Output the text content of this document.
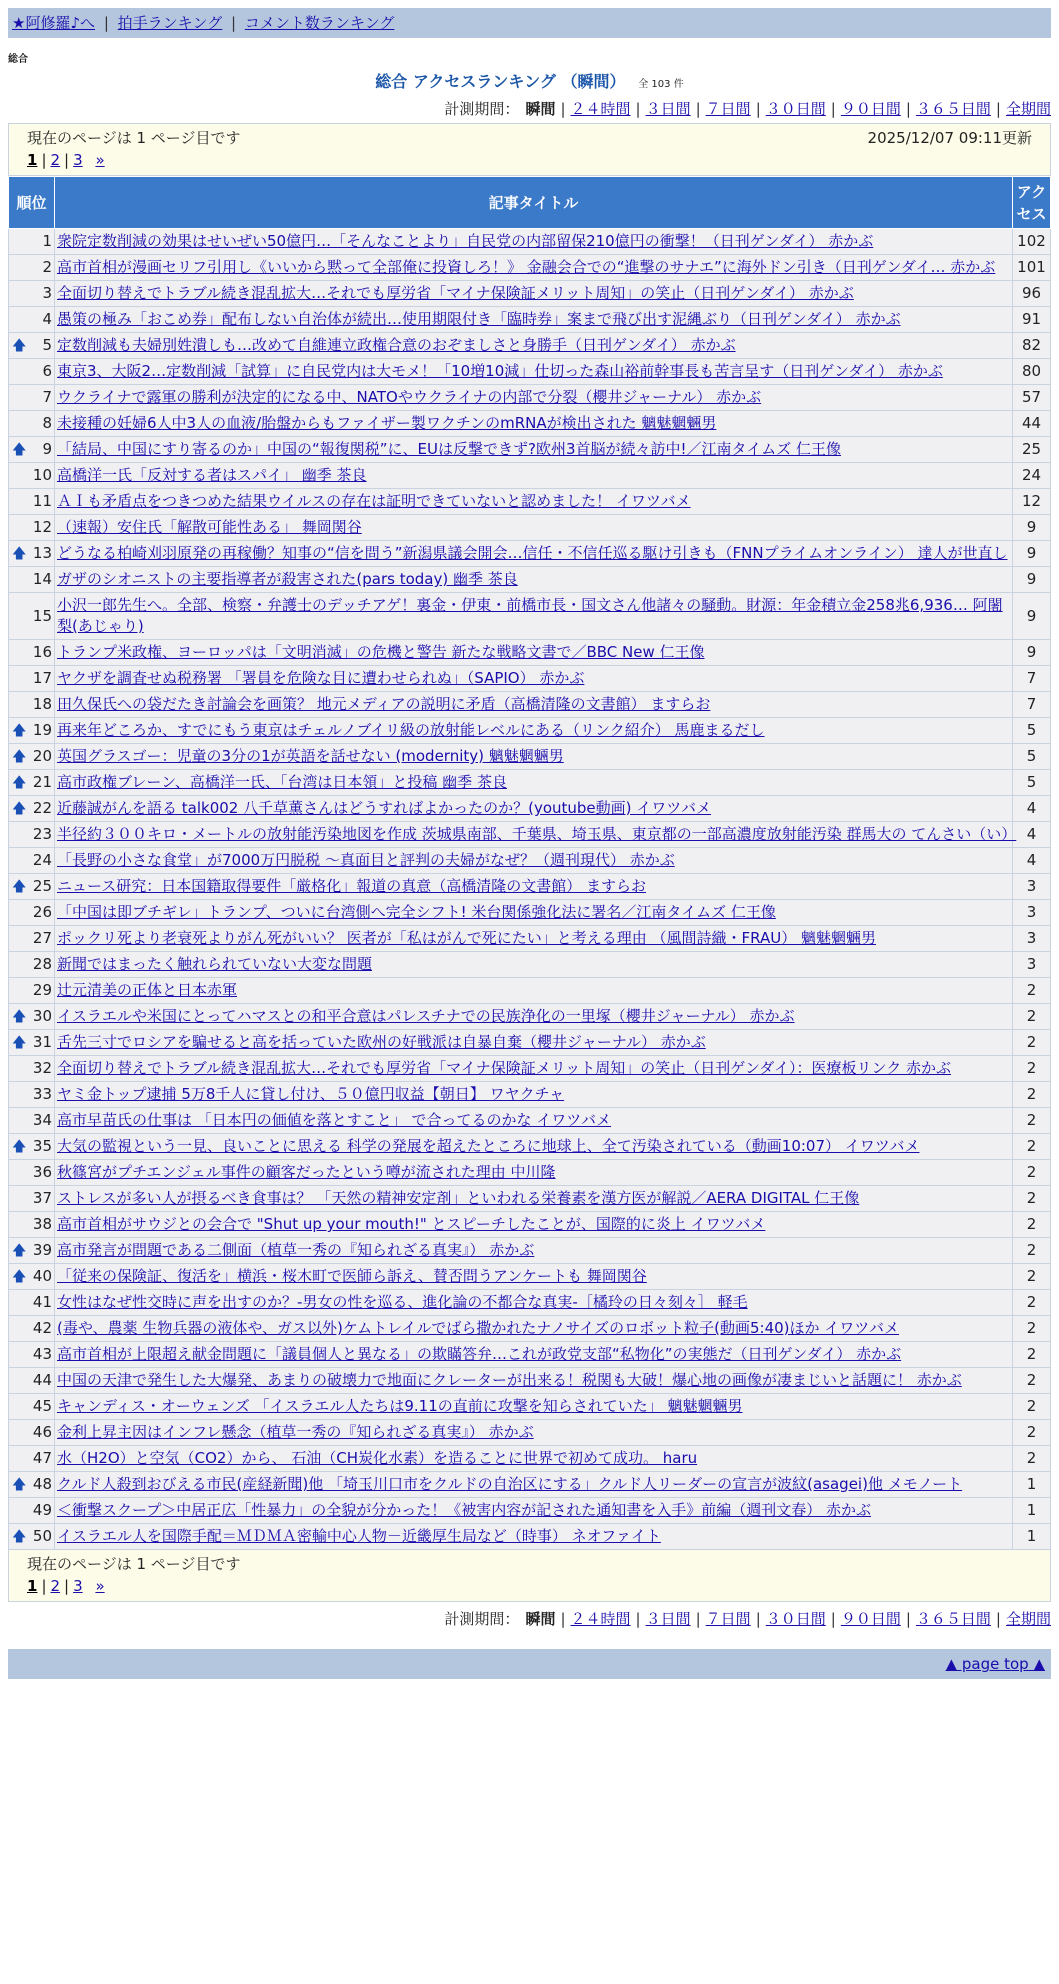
★阿修羅♪へ | 拍手ランキング | コメント数ランキング
総合
総合 アクセスランキング （瞬間） 全 103 件
計測期間： 瞬間 | ２４時間 | ３日間 | ７日間 | ３０日間 | ９０日間 | ３６５日間 | 全期間
現在のページは 1 ページ目です	2025/12/07 09:11更新
1 | 2 | 3 »
順位	記事タイトル	アクセス
1	衆院定数削減の効果はせいぜい50億円…「そんなことより」自民党の内部留保210億円の衝撃！（日刊ゲンダイ） 赤かぶ	102
2	高市首相が漫画セリフ引用し《いいから黙って全部俺に投資しろ！》 金融会合での“進撃のサナエ”に海外ドン引き（日刊ゲンダイ… 赤かぶ	101
3	全面切り替えでトラブル続き混乱拡大…それでも厚労省「マイナ保険証メリット周知」の笑止（日刊ゲンダイ） 赤かぶ	96
4	愚策の極み「おこめ券」配布しない自治体が続出…使用期限付き「臨時券」案まで飛び出す泥縄ぶり（日刊ゲンダイ） 赤かぶ	91

🡅 5	定数削減も夫婦別姓潰しも…改めて自維連立政権合意のおぞましさと身勝手（日刊ゲンダイ） 赤かぶ	82
6	東京3、大阪2…定数削減「試算」に自民党内は大モメ！「10増10減」仕切った森山裕前幹事長も苦言呈す（日刊ゲンダイ） 赤かぶ	80
7	ウクライナで露軍の勝利が決定的になる中、NATOやウクライナの内部で分裂（櫻井ジャーナル） 赤かぶ	57
8	未接種の妊婦6人中3人の血液/胎盤からもファイザー製ワクチンのmRNAが検出された 魑魅魍魎男	44

🡅 9	「結局、中国にすり寄るのか」中国の“報復関税”に、EUは反撃できず?欧州3首脳が続々訪中!／江南タイムズ 仁王像	25
10	高橋洋一氏「反対する者はスパイ」 幽季 茶良	24
11	ＡＩも矛盾点をつきつめた結果ウイルスの存在は証明できていないと認めました！ イワツバメ	12
12	（速報）安住氏「解散可能性ある」 舞岡関谷	9

🡅 13	どうなる柏崎刈羽原発の再稼働？知事の“信を問う”新潟県議会開会…信任・不信任巡る駆け引きも（FNNプライムオンライン） 達人が世直し	9
14	ガザのシオニストの主要指導者が殺害された(pars today) 幽季 茶良	9
15	小沢一郎先生へ。全部、検察・弁護士のデッチアゲ！裏金・伊東・前橋市長・国文さん他諸々の騒動。財源：年金積立金258兆6,936… 阿闍梨(あじゃり)	9
16	トランプ米政権、ヨーロッパは「文明消滅」の危機と警告 新たな戦略文書で／BBC New 仁王像	9
17	ヤクザを調査せぬ税務署 「署員を危険な目に遭わせられぬ」（SAPIO） 赤かぶ	7
18	田久保氏への袋だたき討論会を画策？ 地元メディアの説明に矛盾（高橋清隆の文書館） ますらお	7

🡅 19	再来年どころか、すでにもう東京はチェルノブイリ級の放射能レベルにある（リンク紹介） 馬鹿まるだし	5

🡅 20	英国グラスゴー：児童の3分の1が英語を話せない (modernity) 魑魅魍魎男	5

🡅 21	高市政権ブレーン、高橋洋一氏、「台湾は日本領」と投稿 幽季 茶良	5

🡅 22	近藤誠がんを語る talk002 八千草薫さんはどうすればよかったのか？(youtube動画) イワツバメ	4
23	半径約３００キロ・メートルの放射能汚染地図を作成 茨城県南部、千葉県、埼玉県、東京都の一部高濃度放射能汚染 群馬大の てんさい（い）	4
24	「長野の小さな食堂」が7000万円脱税 〜真面目と評判の夫婦がなぜ？（週刊現代） 赤かぶ	4

🡅 25	ニュース研究：日本国籍取得要件「厳格化」報道の真意（高橋清隆の文書館） ますらお	3
26	「中国は即ブチギレ」トランプ、ついに台湾側へ完全シフト! 米台関係強化法に署名／江南タイムズ 仁王像	3
27	ポックリ死より老衰死よりがん死がいい？ 医者が「私はがんで死にたい」と考える理由 （風間詩織・FRAU） 魑魅魍魎男	3
28	新聞ではまったく触れられていない大変な問題	3
29	辻元清美の正体と日本赤軍	2

🡅 30	イスラエルや米国にとってハマスとの和平合意はパレスチナでの民族浄化の一里塚（櫻井ジャーナル） 赤かぶ	2

🡅 31	舌先三寸でロシアを騙せると高を括っていた欧州の好戦派は自暴自棄（櫻井ジャーナル） 赤かぶ	2
32	全面切り替えでトラブル続き混乱拡大…それでも厚労省「マイナ保険証メリット周知」の笑止（日刊ゲンダイ）：医療板リンク 赤かぶ	2
33	ヤミ金トップ逮捕 5万8千人に貸し付け、５０億円収益【朝日】 ワヤクチャ	2
34	高市早苗氏の仕事は 「日本円の価値を落とすこと」 で合ってるのかな イワツバメ	2

🡅 35	大気の監視という一見、良いことに思える 科学の発展を超えたところに地球上、全て汚染されている（動画10:07） イワツバメ	2
36	秋篠宮がプチエンジェル事件の顧客だったという噂が流された理由 中川隆	2
37	ストレスが多い人が摂るべき食事は？ 「天然の精神安定剤」といわれる栄養素を漢方医が解説／AERA DIGITAL 仁王像	2
38	高市首相がサウジとの会合で "Shut up your mouth!" とスピーチしたことが、国際的に炎上 イワツバメ	2

🡅 39	高市発言が問題である二側面（植草一秀の『知られざる真実』） 赤かぶ	2

🡅 40	「従来の保険証、復活を」横浜・桜木町で医師ら訴え、賛否問うアンケートも 舞岡関谷	2
41	女性はなぜ性交時に声を出すのか？-男女の性を巡る、進化論の不都合な真実-［橘玲の日々刻々］ 軽毛	2
42	(毒や、農薬 生物兵器の液体や、ガス以外)ケムトレイルでばら撒かれたナノサイズのロボット粒子(動画5:40)ほか イワツバメ	2
43	高市首相が上限超え献金問題に「議員個人と異なる」の欺瞞答弁…これが政党支部“私物化”の実態だ（日刊ゲンダイ） 赤かぶ	2
44	中国の天津で発生した大爆発、あまりの破壊力で地面にクレーターが出来る！税関も大破！爆心地の画像が凄まじいと話題に！ 赤かぶ	2
45	キャンディス・オーウェンズ 「イスラエル人たちは9.11の直前に攻撃を知らされていた」 魑魅魍魎男	2
46	金利上昇主因はインフレ懸念（植草一秀の『知られざる真実』） 赤かぶ	2
47	水（H2O）と空気（CO2）から、 石油（CH炭化水素）を造ることに世界で初めて成功。 haru	2

🡅 48	クルド人殺到おびえる市民(産経新聞)他 「埼玉川口市をクルドの自治区にする」クルド人リーダーの宣言が波紋(asagei)他 メモノート	1
49	＜衝撃スクープ＞中居正広「性暴力」の全貌が分かった！《被害内容が記された通知書を入手》前編（週刊文春） 赤かぶ	1

🡅 50	イスラエル人を国際手配＝ＭＤＭＡ密輸中心人物－近畿厚生局など（時事） ネオファイト	1
現在のページは 1 ページ目です
1 | 2 | 3 »
計測期間： 瞬間 | ２４時間 | ３日間 | ７日間 | ３０日間 | ９０日間 | ３６５日間 | 全期間
▲ page top ▲
